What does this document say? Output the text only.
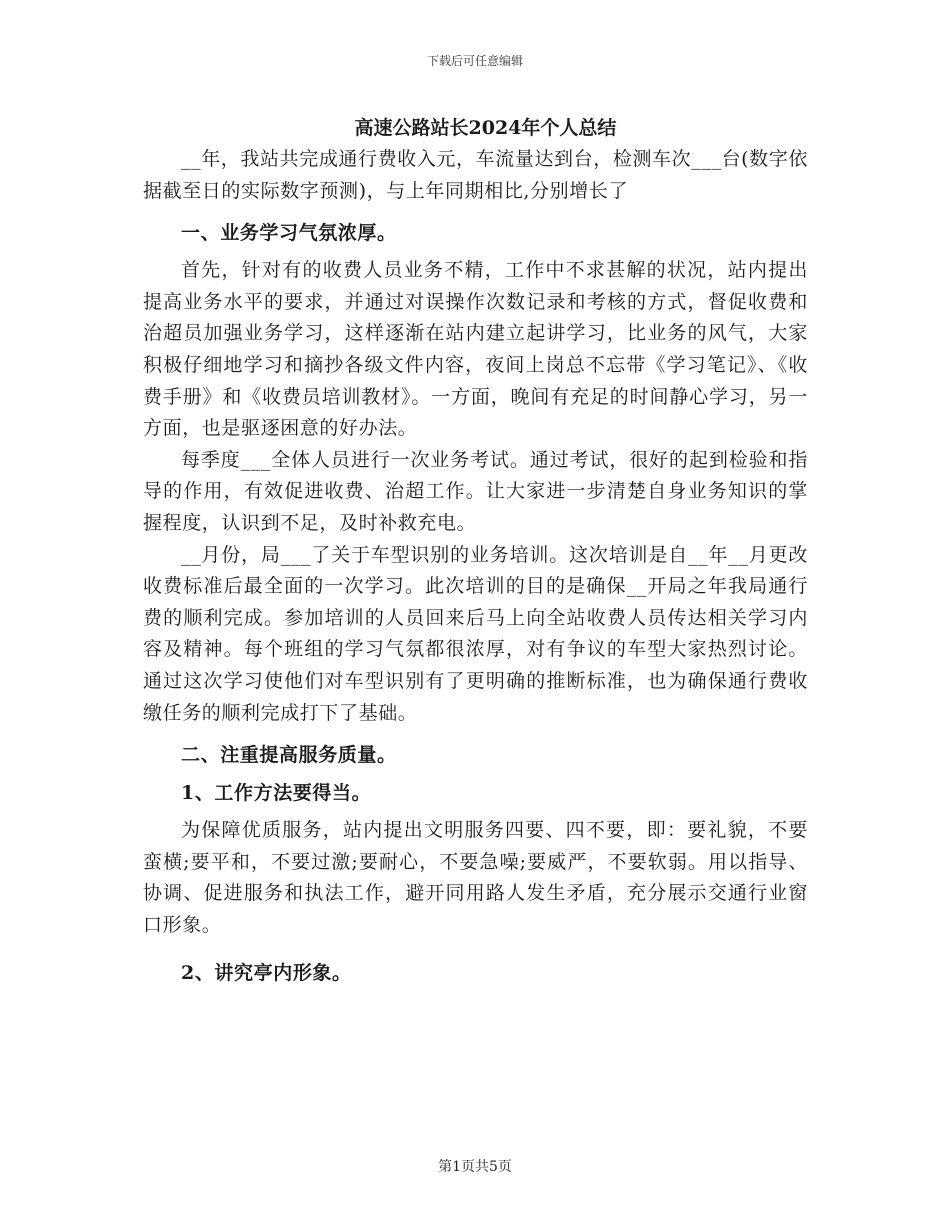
下载后可任意编辑
高速公路站长2024年个人总结

__年，我站共完成通行费收入元，车流量达到台，检测车次___台(数字依据截至日的实际数字预测)，与上年同期相比,分别增长了

一、业务学习气氛浓厚。

首先，针对有的收费人员业务不精，工作中不求甚解的状况，站内提出提高业务水平的要求，并通过对误操作次数记录和考核的方式，督促收费和治超员加强业务学习，这样逐渐在站内建立起讲学习，比业务的风气，大家积极仔细地学习和摘抄各级文件内容，夜间上岗总不忘带《学习笔记》、《收费手册》和《收费员培训教材》。一方面，晚间有充足的时间静心学习，另一方面，也是驱逐困意的好办法。

每季度___全体人员进行一次业务考试。通过考试，很好的起到检验和指导的作用，有效促进收费、治超工作。让大家进一步清楚自身业务知识的掌握程度，认识到不足，及时补救充电。

__月份，局___了关于车型识别的业务培训。这次培训是自__年__月更改收费标准后最全面的一次学习。此次培训的目的是确保__开局之年我局通行费的顺利完成。参加培训的人员回来后马上向全站收费人员传达相关学习内容及精神。每个班组的学习气氛都很浓厚，对有争议的车型大家热烈讨论。通过这次学习使他们对车型识别有了更明确的推断标准，也为确保通行费收缴任务的顺利完成打下了基础。

二、注重提高服务质量。

1、工作方法要得当。

为保障优质服务，站内提出文明服务四要、四不要，即：要礼貌，不要蛮横;要平和，不要过激;要耐心，不要急噪;要威严，不要软弱。用以指导、协调、促进服务和执法工作，避开同用路人发生矛盾，充分展示交通行业窗口形象。

2、讲究亭内形象。

第1页共5页
